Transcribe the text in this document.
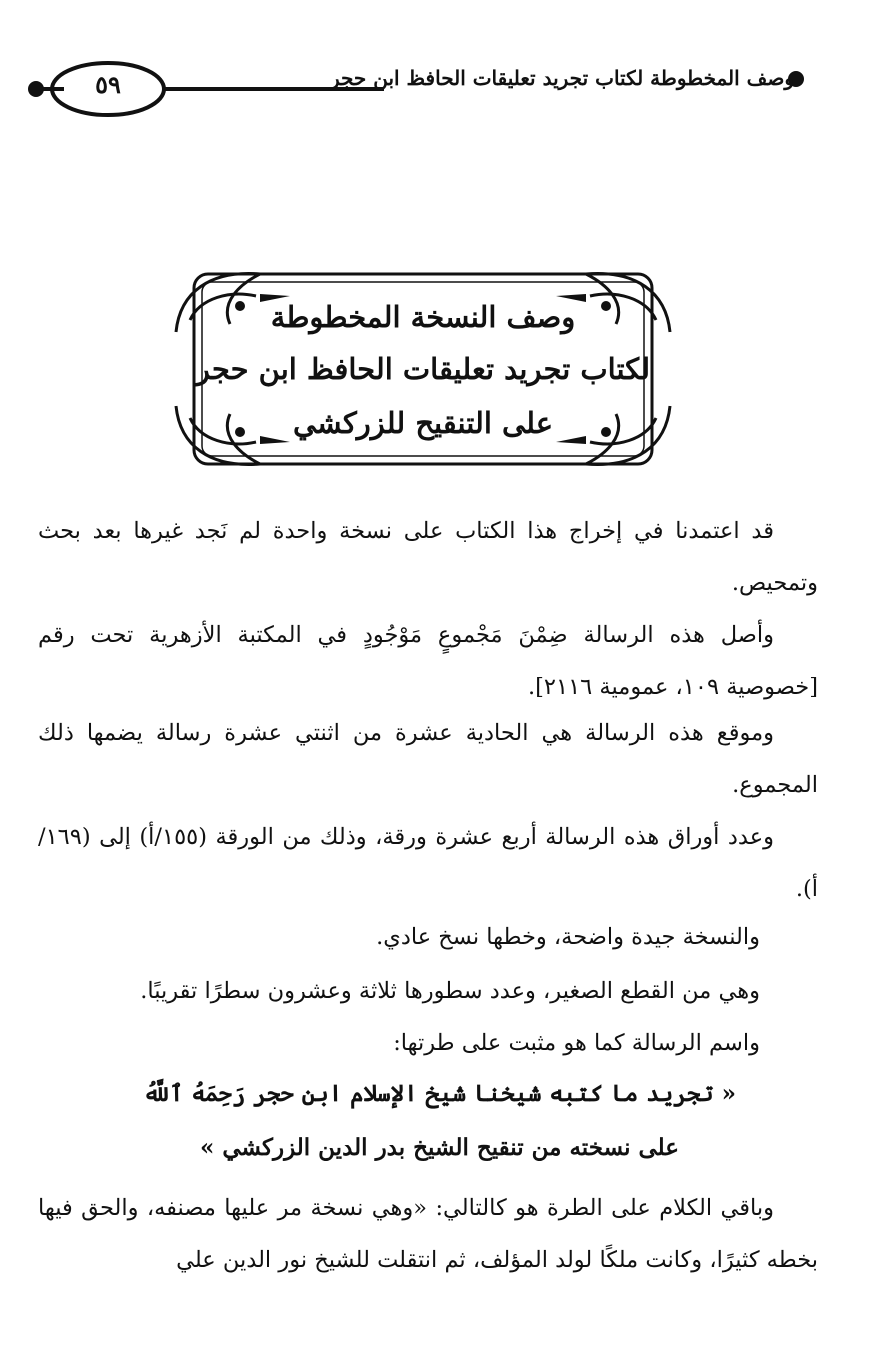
٥٩	وصف المخطوطة لكتاب تجريد تعليقات الحافظ ابن حجر
وصف النسخة المخطوطة
لكتاب تجريد تعليقات الحافظ ابن حجر
على التنقيح للزركشي
قد اعتمدنا في إخراج هذا الكتاب على نسخة واحدة لم نَجد غيرها بعد بحث وتمحيص.
وأصل هذه الرسالة ضِمْنَ مَجْموعٍ مَوْجُودٍ في المكتبة الأزهرية تحت رقم [خصوصية ١٠٩، عمومية ٢١١٦].
وموقع هذه الرسالة هي الحادية عشرة من اثنتي عشرة رسالة يضمها ذلك المجموع.
وعدد أوراق هذه الرسالة أربع عشرة ورقة، وذلك من الورقة (١٥٥/أ) إلى (١٦٩/أ).
والنسخة جيدة واضحة، وخطها نسخ عادي.
وهي من القطع الصغير، وعدد سطورها ثلاثة وعشرون سطرًا تقريبًا.
واسم الرسالة كما هو مثبت على طرتها:
« تجريد ما كتبه شيخنا شيخ الإسلام ابن حجر رَحِمَهُ ٱللَّهُ
على نسخته من تنقيح الشيخ بدر الدين الزركشي »
وباقي الكلام على الطرة هو كالتالي: «وهي نسخة مر عليها مصنفه، والحق فيها بخطه كثيرًا، وكانت ملكًا لولد المؤلف، ثم انتقلت للشيخ نور الدين علي
